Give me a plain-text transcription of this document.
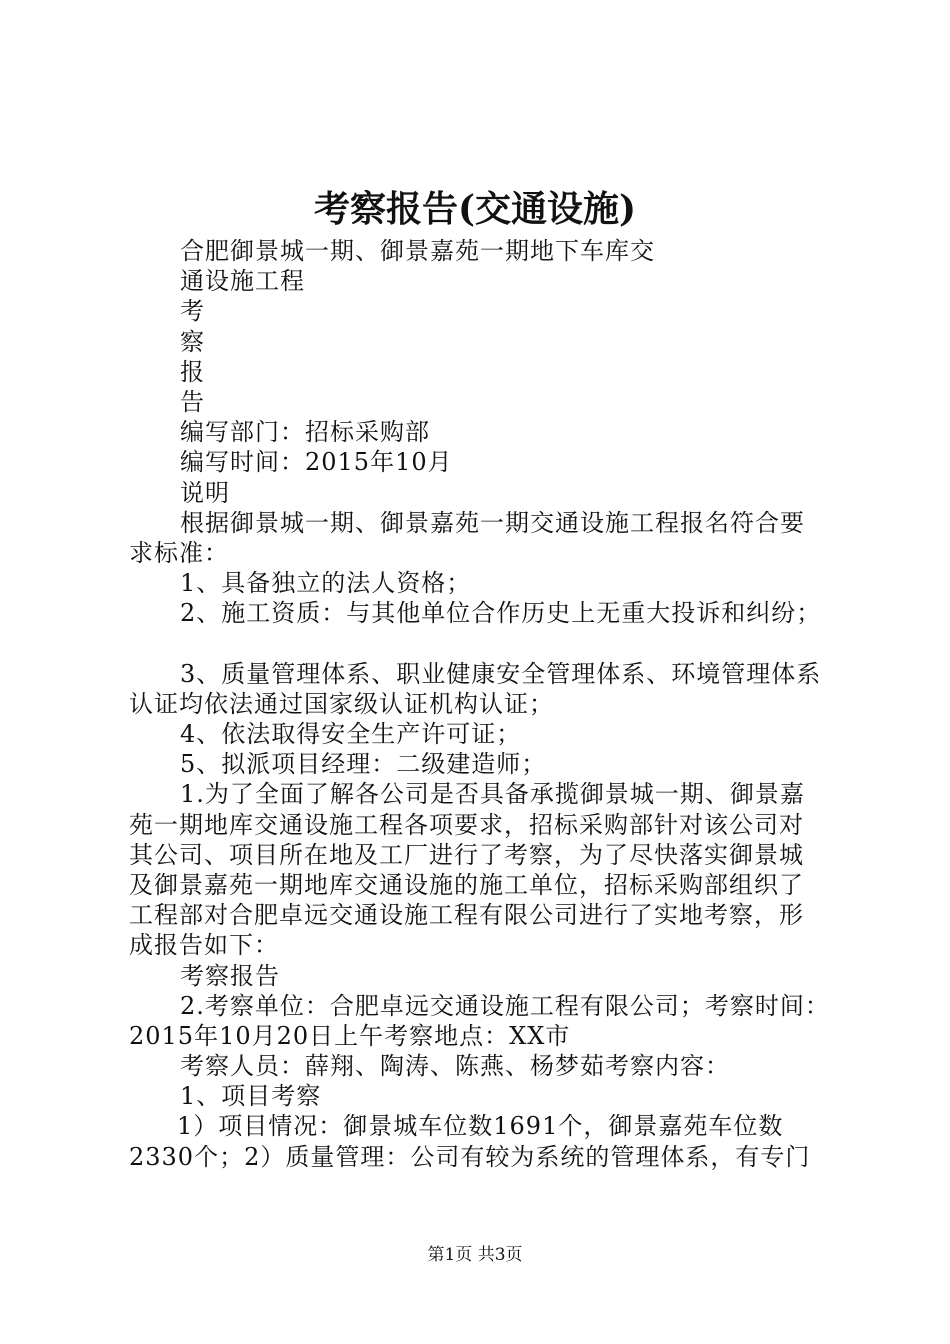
考察报告(交通设施)
合肥御景城一期、御景嘉苑一期地下车库交
通设施工程
考
察
报
告
编写部门：招标采购部
编写时间：2015年10月
说明
根据御景城一期、御景嘉苑一期交通设施工程报名符合要
求标准：
1、具备独立的法人资格；
2、施工资质：与其他单位合作历史上无重大投诉和纠纷；
3、质量管理体系、职业健康安全管理体系、环境管理体系
认证均依法通过国家级认证机构认证；
4、依法取得安全生产许可证；
5、拟派项目经理：二级建造师；
1.为了全面了解各公司是否具备承揽御景城一期、御景嘉
苑一期地库交通设施工程各项要求，招标采购部针对该公司对
其公司、项目所在地及工厂进行了考察，为了尽快落实御景城
及御景嘉苑一期地库交通设施的施工单位，招标采购部组织了
工程部对合肥卓远交通设施工程有限公司进行了实地考察，形
成报告如下：
考察报告
2.考察单位：合肥卓远交通设施工程有限公司；考察时间：
2015年10月20日上午考察地点：XX市
考察人员：薛翔、陶涛、陈燕、杨梦茹考察内容：
1、项目考察
1）项目情况：御景城车位数1691个，御景嘉苑车位数
2330个；2）质量管理：公司有较为系统的管理体系，有专门
第1页 共3页
